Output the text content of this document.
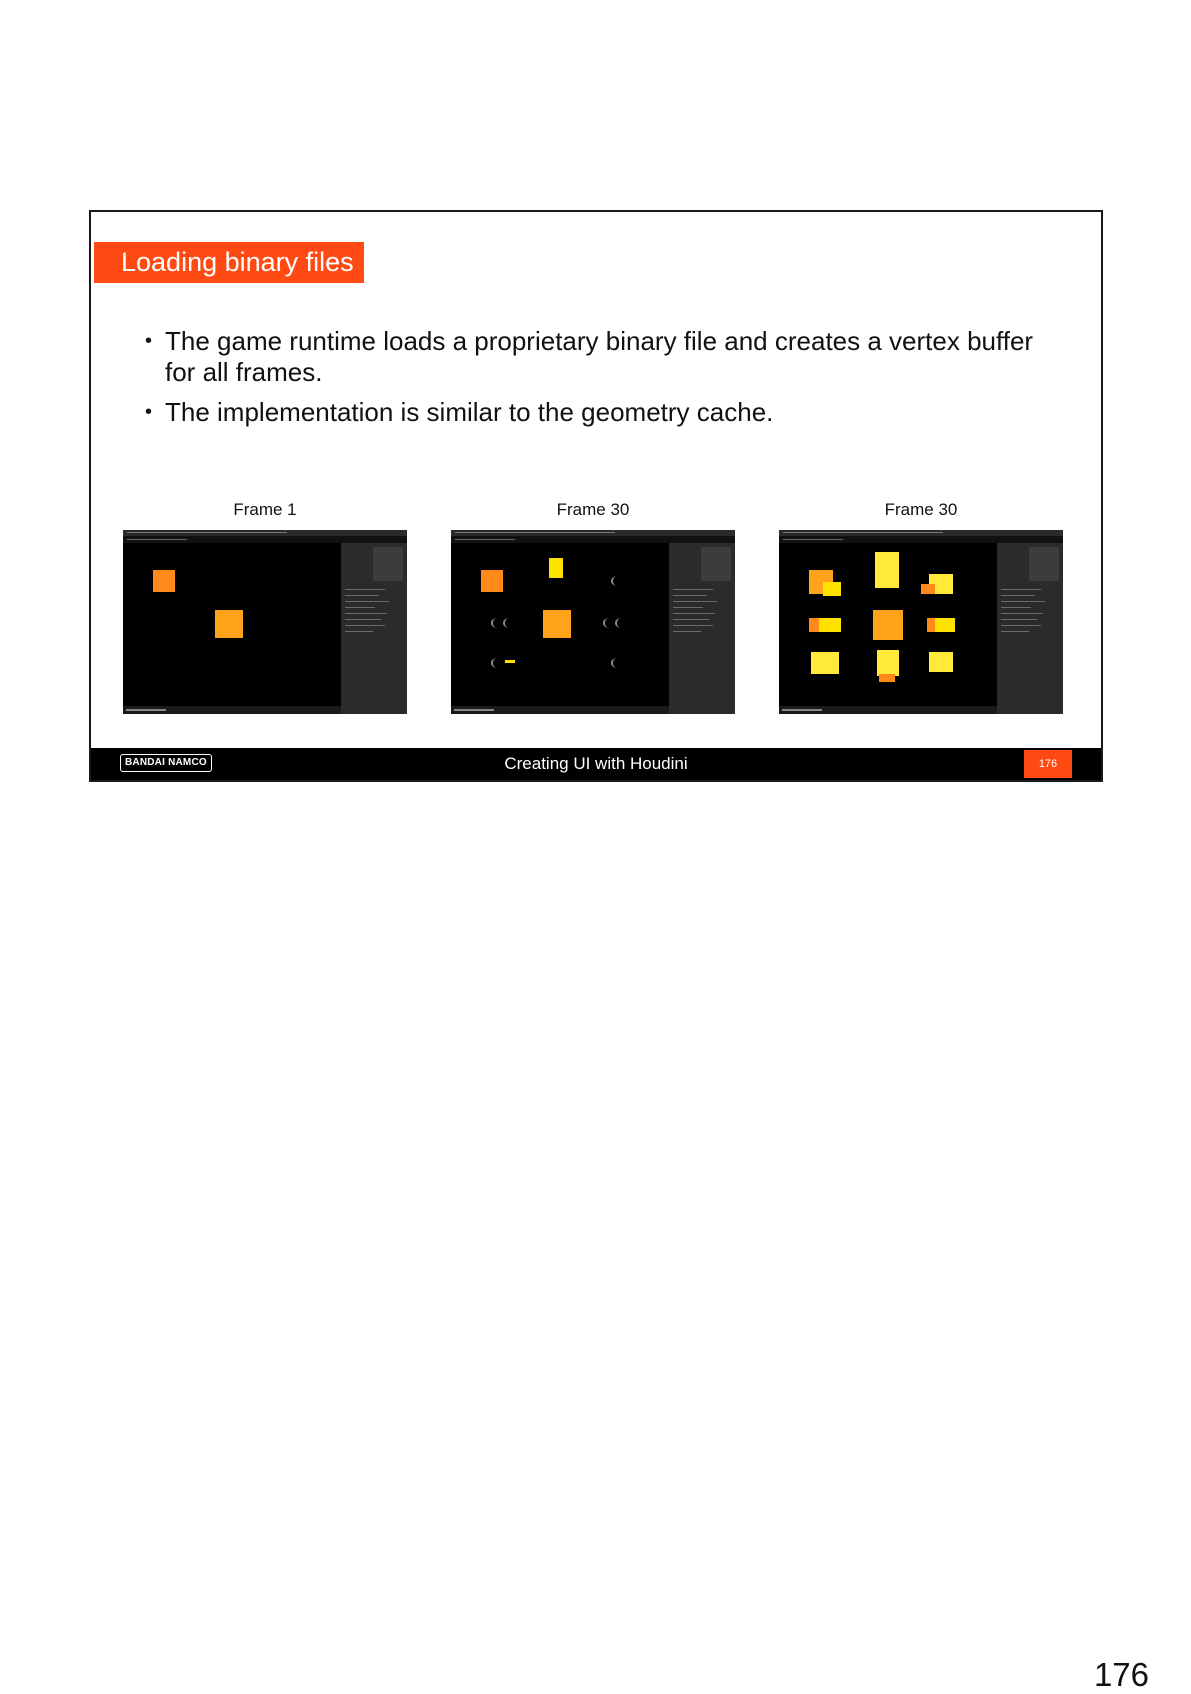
Loading binary files
• The game runtime loads a proprietary binary file and creates a vertex buffer for all frames.
• The implementation is similar to the geometry cache.
Frame 1	Frame 30	Frame 30
BANDAI NAMCO	Creating UI with Houdini	176
176
